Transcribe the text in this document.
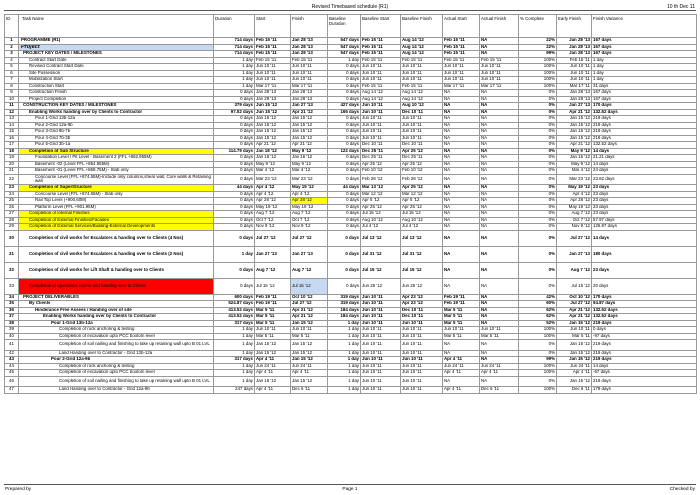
Revised Timebased schedule (R1)	10 th Dec 11
ID	Task Name	Duration	Start	Finish	Baseline Duration	Baseline Start	Baseline Finish	Actual Start	Actual Finish	% Complete	Early Finish	Finish Variance
1	PROGRAMME (R1)	714 days	Feb 15 '11	Jan 28 '13	547 days	Feb 15 '11	Aug 14 '12	Feb 15 '11	NA	22%	Jan 28 '13	167 days
2	Project	714 days	Feb 15 '11	Jan 28 '13	547 days	Feb 15 '11	Aug 14 '12	Feb 15 '11	NA	22%	Jan 28 '13	167 days
3	PROJECT KEY DATES / MILESTONES	714 days	Feb 15 '11	Jan 28 '13	547 days	Feb 15 '11	Aug 14 '12	Feb 15 '11	NA	99%	Jan 28 '13	167 days
4	Contract Start Date	1 day	Feb 15 '11	Feb 15 '11	1 day	Feb 15 '11	Feb 15 '11	Feb 15 '11	Feb 15 '11	100%	Feb 15 '11	1 day
5	Revised Contract Start Date	1 day	Jun 10 '11	Jun 10 '11	0 days	Jun 10 '11	Jun 10 '11	Jun 10 '11	Jun 10 '11	100%	Jun 10 '11	1 day
6	Site Possession	1 day	Jun 10 '11	Jun 10 '11	0 days	Jun 10 '11	Jun 10 '11	Jun 10 '11	Jun 10 '11	100%	Jun 10 '11	1 day
7	Mobilization Start	1 day	Jun 10 '11	Jun 10 '11	0 days	Jun 10 '11	Jun 10 '11	Jun 10 '11	Jun 10 '11	100%	Jun 10 '11	1 day
8	Construction Start	1 day	Mar 17 '11	Mar 17 '11	0 days	Feb 15 '11	Feb 15 '11	Mar 17 '11	Mar 17 '11	100%	Mar 17 '11	31 days
9	Construction Finish	0 days	Jan 28 '13	Jan 28 '13	0 days	Aug 14 '12	Aug 14 '12	NA	NA	0%	Jan 28 '13	167 days
10	Project Completion	0 days	Jan 28 '13	Jan 28 '13	0 days	Aug 14 '12	Aug 14 '12	NA	NA	0%	Jan 28 '13	167 days
11	CONSTRUCTION KEY DATES / MILESTONES	379 days	Jun 15 '12	Jan 27 '13	427 days	Jun 10 '11	Aug 10 '12	NA	NA	0%	Jan 27 '13	170 days
12	Enabling Works handing over by Clients to Contractor	97.52 days	Jun 15 '12	Apr 21 '12	165 days	Jun 10 '11	Dec 10 '11	NA	NA	0%	Apr 21 '12	132.52 days
13	Pour 1-Grid 13b-12a	0 days	Jan 15 '12	Jan 15 '12	0 days	Jun 10 '11	Jun 10 '11	NA	NA	0%	Jan 15 '12	219 days
14	Pour 2-Grid 12a-9b	0 days	Jan 15 '12	Jan 15 '12	0 days	Jun 10 '11	Jun 10 '11	NA	NA	0%	Jan 15 '12	219 days
15	Pour 3-Grid 9b-7b	0 days	Jan 15 '12	Jan 15 '12	0 days	Jun 10 '11	Jun 10 '11	NA	NA	0%	Jan 15 '12	219 days
16	Pour 4-Grid 7b-3b	0 days	Jan 15 '12	Jan 15 '12	0 days	Jun 10 '11	Jun 10 '11	NA	NA	0%	Jan 15 '12	219 days
17	Pour 5-Grid 3b-1a	0 days	Apr 21 '12	Apr 21 '12	0 days	Dec 10 '11	Dec 10 '11	NA	NA	0%	Apr 21 '12	132.52 days
18	Completion of Sub Structure	114.79 days	Jan 18 '12	May 9 '12	122 days	Dec 25 '11	Apr 25 '12	NA	NA	0%	May 9 '12	14 days
19	Foundation Level / Pit Level - Basement 2 (FFL +862.955M)	0 days	Jan 16 '12	Jan 16 '12	0 days	Dec 25 '11	Dec 25 '11	NA	NA	0%	Jan 16 '12	21.21 days
20	Basement -02 (Level FFL +864.955M)	0 days	May 9 '12	May 9 '12	0 days	Apr 25 '12	Apr 25 '12	NA	NA	0%	May 9 '12	14 days
21	Basement -01 (Level FFL +869.75M) - Slab only	0 days	Mar 4 '12	Mar 4 '12	0 days	Feb 10 '12	Feb 10 '12	NA	NA	0%	Mar 4 '12	24 days
22	Concourse Level (FFL +874.65M)-Include only columns,shear wall, Core walls & Retaining wall	0 days	Mar 23 '12	Mar 23 '12	0 days	Feb 28 '12	Feb 28 '12	NA	NA	0%	Mar 23 '12	23.62 days
23	Completion of SuperStructure	44 days	Apr 4 '12	May 19 '12	44 days	Mar 13 '12	Apr 25 '12	NA	NA	0%	May 19 '12	23 days
24	Concourse Level (FFL +874.65M) - Slab only	0 days	Apr 4 '12	Apr 4 '12	0 days	Mar 12 '12	Mar 12 '12	NA	NA	0%	Apr 4 '12	23 days
25	Rail Top Level (+900.60M)	0 days	Apr 28 '12	Apr 28 '12	0 days	Apr 5 '12	Apr 5 '12	NA	NA	0%	Apr 28 '12	23 days
26	Platform Level (FFL +901.95M)	0 days	May 19 '12	May 19 '12	0 days	Apr 25 '12	Apr 25 '12	NA	NA	0%	May 19 '12	23 days
27	Completion of Internal Finishes	0 days	Aug 7 '12	Aug 7 '12	0 days	Jul 15 '12	Jul 15 '12	NA	NA	0%	Aug 7 '12	23 days
28	Completion of External Finishes/Facades	0 days	Oct 7 '12	Oct 7 '12	0 days	Aug 10 '12	Aug 10 '12	NA	NA	0%	Oct 7 '12	57.97 days
29	Completion of External Services/Building-External Developments	0 days	Nov 9 '12	Nov 9 '12	0 days	Jul 4 '12	Jul 4 '12	NA	NA	0%	Nov 9 '12	126.97 days
30	Completion of civil works for Escalators & handing over to Clients (4 Nos)	0 days	Jul 27 '12	Jul 27 '12	0 days	Jul 13 '12	Jul 13 '12	NA	NA	0%	Jul 27 '12	14 days
31	Completion of civil works for Escalators & handing over to Clients (2 Nos)	1 day	Jan 27 '13	Jan 27 '13	0 days	Jul 31 '12	Jul 31 '12	NA	NA	0%	Jan 27 '13	180 days
32	Completion of civil works for Lift Shaft & handing over to Clients	0 days	Aug 7 '12	Aug 7 '12	0 days	Jul 15 '12	Jul 15 '12	NA	NA	0%	Aug 7 '12	23 days
33	Completion of operations rooms and handing over to Clients	0 days	Jul 15 '12	Jul 15 '12	0 days	Jun 25 '12	Jun 25 '12	NA	NA	0%	Jul 15 '12	20 days
34	PROJECT DELIVERABLES	600 days	Feb 19 '11	Oct 10 '12	319 days	Jun 10 '11	Apr 23 '12	Feb 19 '11	NA	42%	Oct 10 '12	170 days
35	By Clients	524.87 days	Feb 19 '11	Jul 27 '12	319 days	Jun 10 '11	Apr 23 '12	Feb 19 '11	NA	60%	Jul 27 '12	94.87 days
36	Hinderance Free Assess / Handing over of site	413.52 days	Mar 5 '11	Apr 21 '12	184 days	Jun 10 '11	Dec 10 '11	Mar 5 '11	NA	62%	Apr 21 '12	132.52 days
37	Enabling Works handing over by Clients to Contractor	413.52 days	Mar 5 '11	Apr 21 '12	184 days	Jun 10 '11	Dec 10 '11	Mar 5 '11	NA	62%	Apr 21 '12	132.52 days
38	Pour 1-Grid 13b-12a	317 days	Mar 5 '11	Jan 15 '12	1 day	Jun 10 '11	Jun 10 '11	Mar 5 '11	NA	52%	Jan 15 '12	219 days
39	Completion of rock anchoring & testing	1 day	Jun 10 '11	Jun 10 '11	1 day	Jun 10 '11	Jun 10 '11	Jun 10 '11	Jun 10 '11	100%	Jun 10 '11	0 days
40	Completion of excavation upto PCC bootom level	1 day	Mar 5 '11	Mar 5 '11	1 day	Jun 10 '11	Jun 10 '11	Mar 5 '11	Mar 5 '11	100%	Mar 5 '11	-97 days
41	Completion of soil nailing and finishing to take up retaining wall upto B 01 LVL	1 day	Jan 15 '12	Jan 15 '12	1 day	Jun 10 '11	Jun 10 '11	NA	NA	0%	Jan 15 '12	219 days
42	Land Handing over to Contractor - Grid 13b-12a	1 day	Jan 15 '12	Jan 15 '12	1 day	Jun 10 '11	Jun 10 '11	NA	NA	0%	Jan 15 '12	219 days
43	Pour 2-Grid 12a-9b	317 days	Apr 4 '11	Jan 15 '12	1 day	Jun 10 '11	Jun 10 '11	Apr 4 '11	NA	99%	Jan 15 '12	219 days
44	Completion of rock anchoring & testing	1 day	Jun 24 '11	Jun 24 '11	1 day	Jun 10 '11	Jun 10 '11	Jun 24 '11	Jun 24 '11	100%	Jun 24 '11	14 days
45	Completion of excavation upto PCC bootom level	1 day	Apr 4 '11	Apr 4 '11	1 day	Jun 10 '11	Jun 10 '11	Apr 4 '11	Apr 4 '11	100%	Apr 4 '11	-67 days
46	Completion of soil nailing and finishing to take up retaining wall upto B 01 LVL	1 day	Jan 15 '12	Jan 15 '12	1 day	Jun 10 '11	Jun 10 '11	NA	NA	0%	Jan 15 '12	219 days
47	Land Handing over to Contractor - Grid 12a-9b	247 days	Apr 4 '11	Dec 6 '11	1 day	Jun 10 '11	Jun 10 '11	Apr 4 '11	Dec 6 '11	100%	Dec 6 '11	179 days
Prepared by	Page 1	Checked by
